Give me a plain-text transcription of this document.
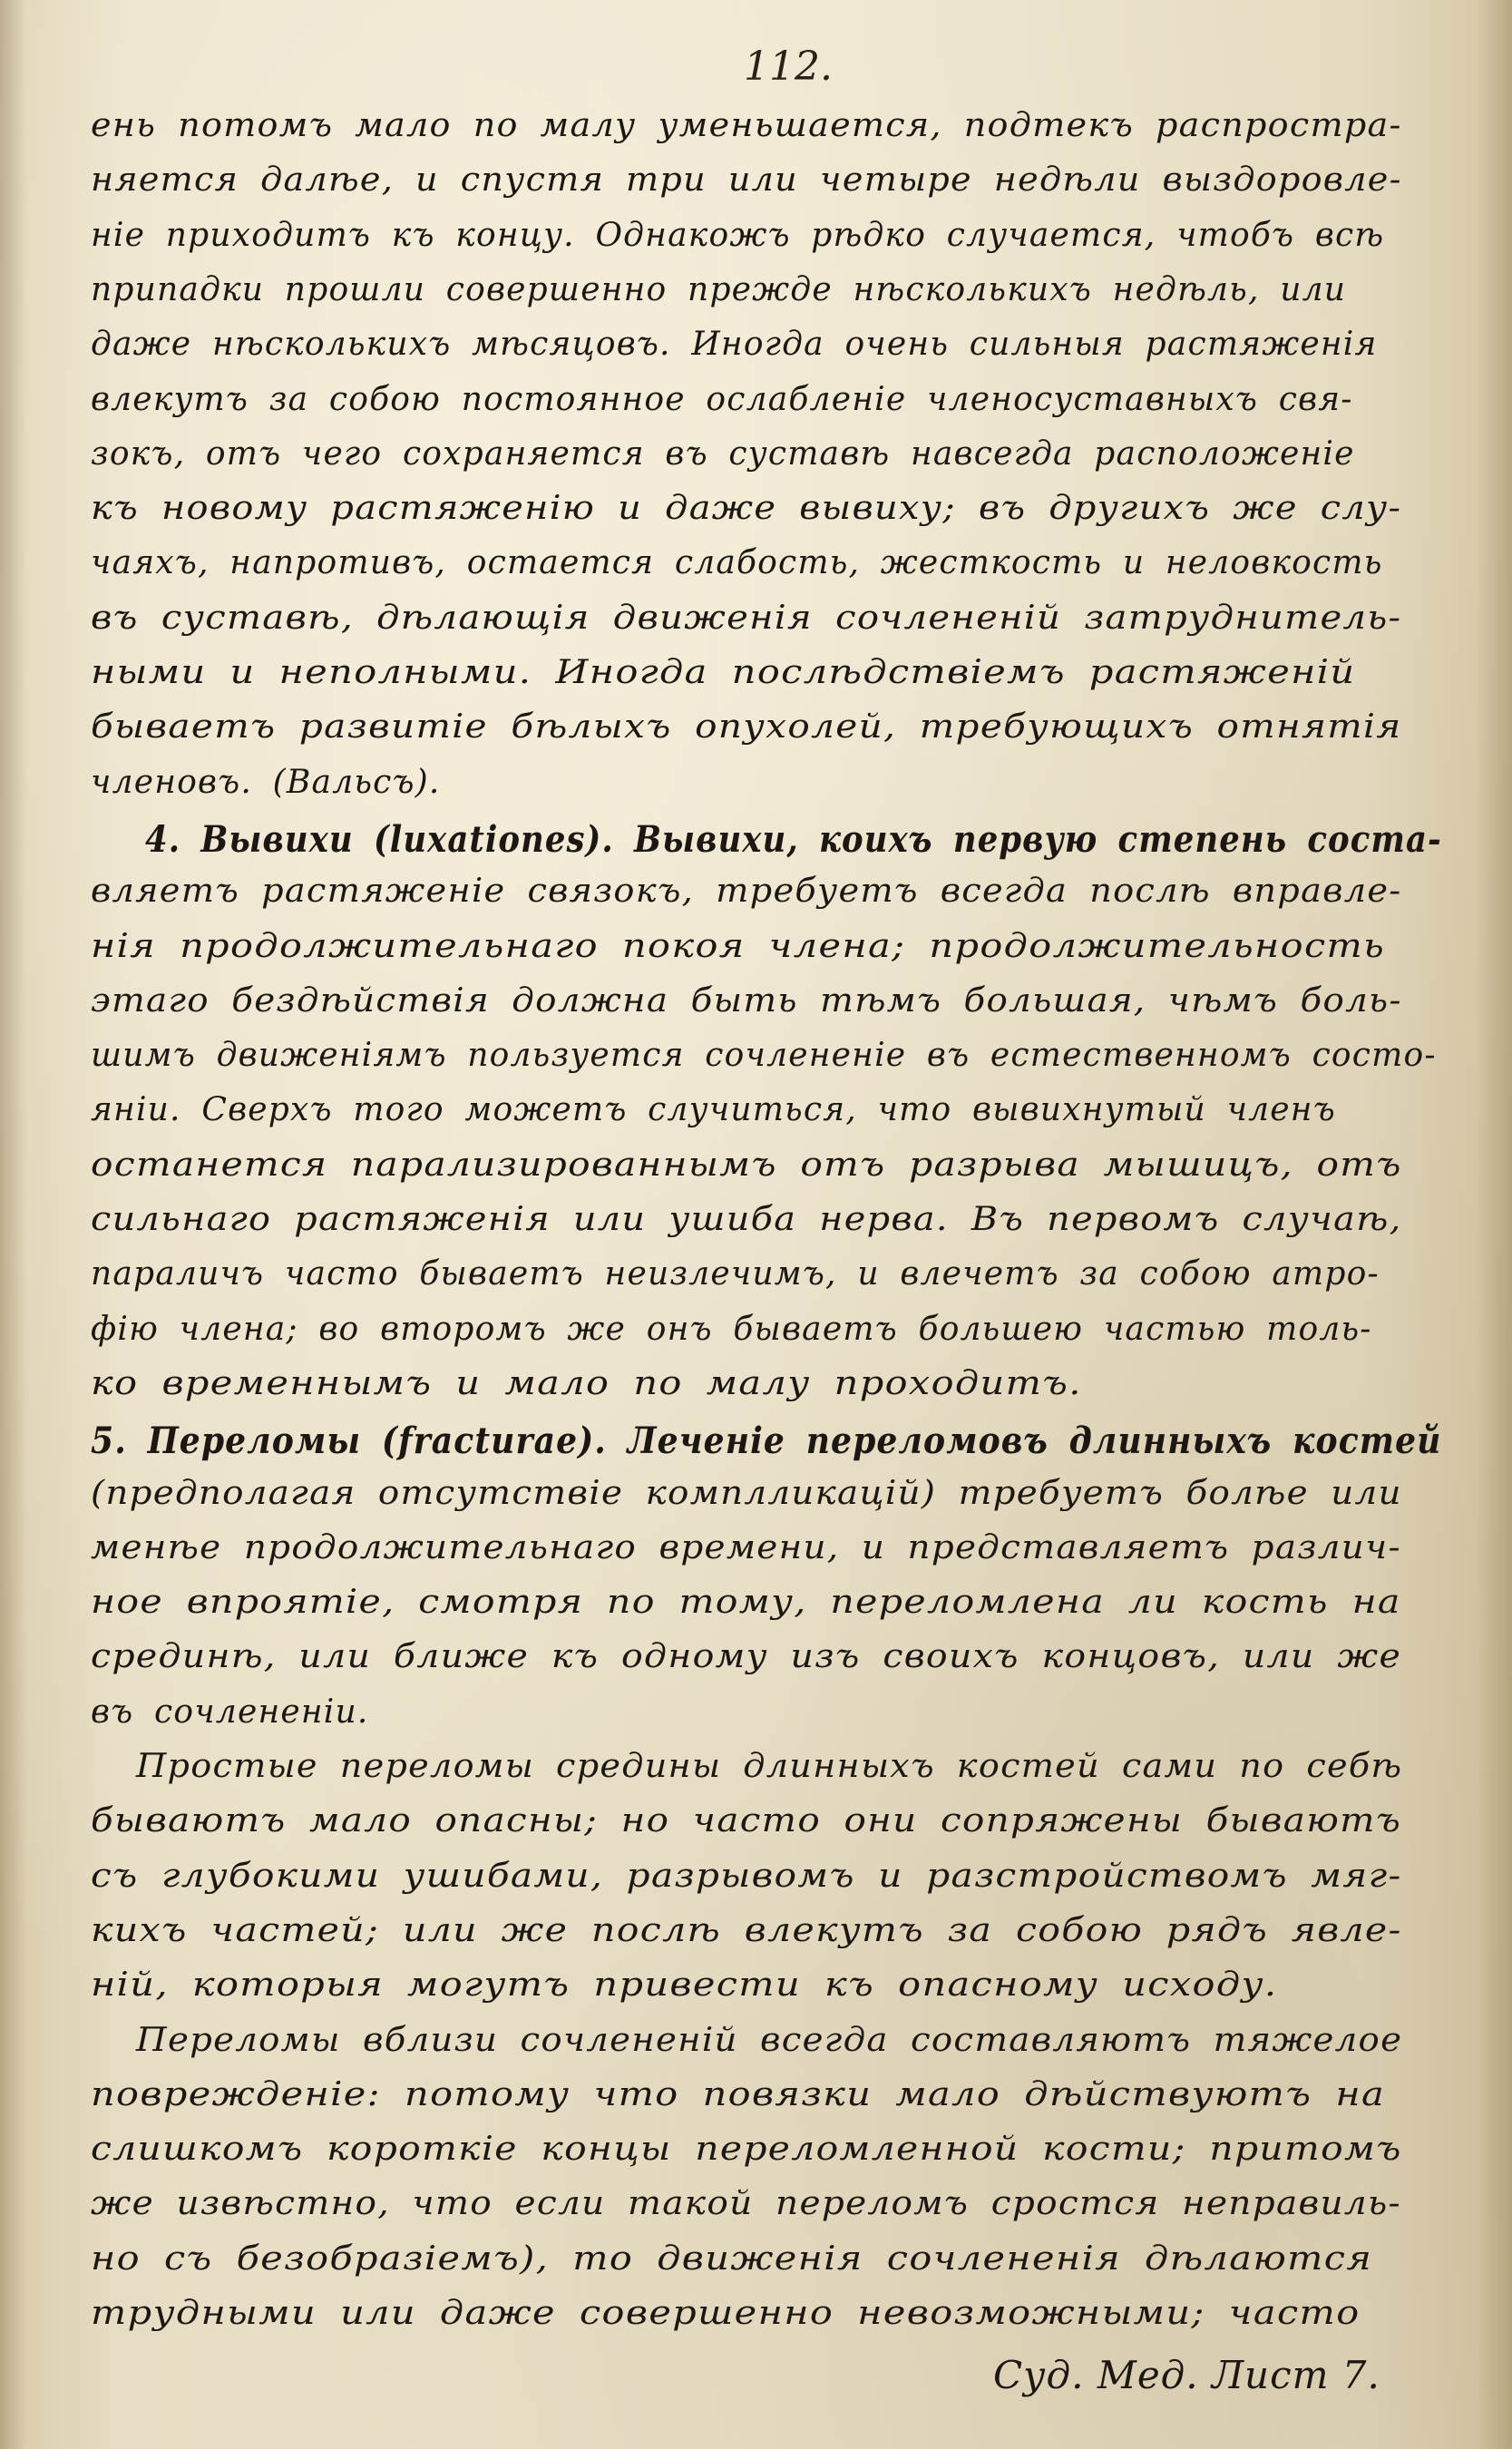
112.
ень потомъ мало по малу уменьшается, подтекъ распростра-
няется далѣе, и спустя три или четыре недѣли выздоровле-
ніе приходитъ къ концу. Однакожъ рѣдко случается, чтобъ всѣ
припадки прошли совершенно прежде нѣсколькихъ недѣль, или
даже нѣсколькихъ мѣсяцовъ. Иногда очень сильныя растяженія
влекутъ за собою постоянное ослабленіе членосуставныхъ свя-
зокъ, отъ чего сохраняется въ суставѣ навсегда расположеніе
къ новому растяженію и даже вывиху; въ другихъ же слу-
чаяхъ, напротивъ, остается слабость, жесткость и неловкость
въ суставѣ, дѣлающія движенія сочлененій затруднитель-
ными и неполными. Иногда послѣдствіемъ растяженій
бываетъ развитіе бѣлыхъ опухолей, требующихъ отнятія
членовъ. (Вальсъ).
4. Вывихи (luxationes). Вывихи, коихъ первую степень соста-
вляетъ растяженіе связокъ, требуетъ всегда послѣ вправле-
нія продолжительнаго покоя члена; продолжительность
этаго бездѣйствія должна быть тѣмъ большая, чѣмъ боль-
шимъ движеніямъ пользуется сочлененіе въ естественномъ состо-
яніи. Сверхъ того можетъ случиться, что вывихнутый членъ
останется парализированнымъ отъ разрыва мышицъ, отъ
сильнаго растяженія или ушиба нерва. Въ первомъ случаѣ,
параличъ часто бываетъ неизлечимъ, и влечетъ за собою атро-
фію члена; во второмъ же онъ бываетъ большею частью толь-
ко временнымъ и мало по малу проходитъ.
5. Переломы (fracturae). Леченіе переломовъ длинныхъ костей
(предполагая отсутствіе комплликацій) требуетъ болѣе или
менѣе продолжительнаго времени, и представляетъ различ-
ное впроятіе, смотря по тому, переломлена ли кость на
срединѣ, или ближе къ одному изъ своихъ концовъ, или же
въ сочлененіи.
Простые переломы средины длинныхъ костей сами по себѣ
бываютъ мало опасны; но часто они сопряжены бываютъ
съ глубокими ушибами, разрывомъ и разстройствомъ мяг-
кихъ частей; или же послѣ влекутъ за собою рядъ явле-
ній, которыя могутъ привести къ опасному исходу.
Переломы вблизи сочлененій всегда составляютъ тяжелое
поврежденіе: потому что повязки мало дѣйствуютъ на
слишкомъ короткіе концы переломленной кости; притомъ
же извѣстно, что если такой переломъ сростся неправиль-
но съ безобразіемъ), то движенія сочлененія дѣлаются
трудными или даже совершенно невозможными; часто
Суд. Мед. Лист 7.
